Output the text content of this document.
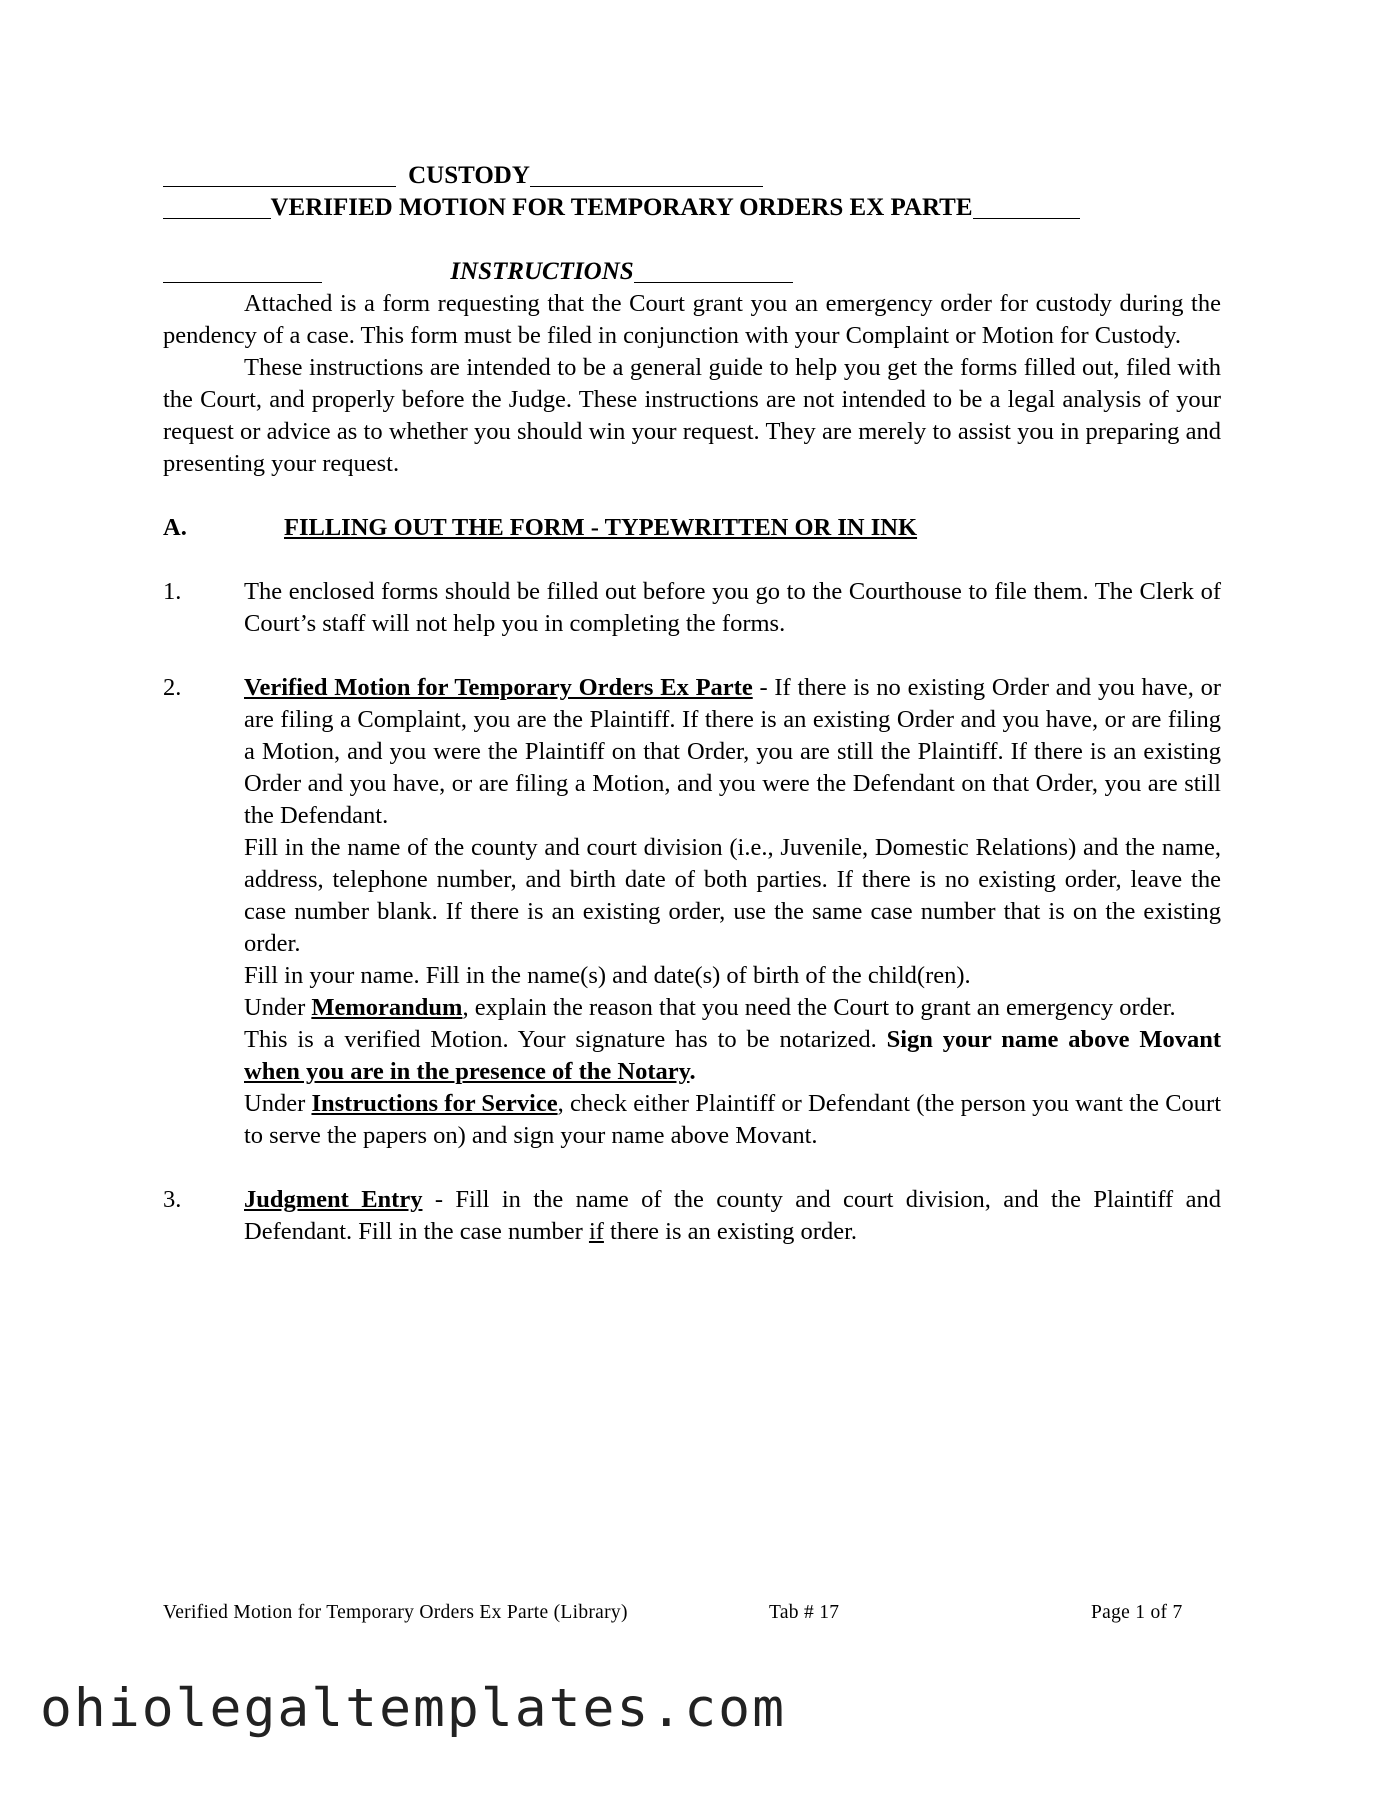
CUSTODY
VERIFIED MOTION FOR TEMPORARY ORDERS EX PARTE
INSTRUCTIONS

Attached is a form requesting that the Court grant you an emergency order for custody during the pendency of a case. This form must be filed in conjunction with your Complaint or Motion for Custody.

These instructions are intended to be a general guide to help you get the forms filled out, filed with the Court, and properly before the Judge. These instructions are not intended to be a legal analysis of your request or advice as to whether you should win your request. They are merely to assist you in preparing and presenting your request.

A.	FILLING OUT THE FORM - TYPEWRITTEN OR IN INK
1.	The enclosed forms should be filled out before you go to the Courthouse to file them. The Clerk of Court’s staff will not help you in completing the forms.

2.	Verified Motion for Temporary Orders Ex Parte - If there is no existing Order and you have, or are filing a Complaint, you are the Plaintiff. If there is an existing Order and you have, or are filing a Motion, and you were the Plaintiff on that Order, you are still the Plaintiff. If there is an existing Order and you have, or are filing a Motion, and you were the Defendant on that Order, you are still the Defendant.

Fill in the name of the county and court division (i.e., Juvenile, Domestic Relations) and the name, address, telephone number, and birth date of both parties. If there is no existing order, leave the case number blank. If there is an existing order, use the same case number that is on the existing order.

Fill in your name. Fill in the name(s) and date(s) of birth of the child(ren).

Under Memorandum, explain the reason that you need the Court to grant an emergency order.

This is a verified Motion. Your signature has to be notarized. Sign your name above Movant when you are in the presence of the Notary.

Under Instructions for Service, check either Plaintiff or Defendant (the person you want the Court to serve the papers on) and sign your name above Movant.

3.	Judgment Entry - Fill in the name of the county and court division, and the Plaintiff and Defendant. Fill in the case number if there is an existing order.

Verified Motion for Temporary Orders Ex Parte (Library)	Tab # 17	Page 1 of 7
ohiolegaltemplates.com
